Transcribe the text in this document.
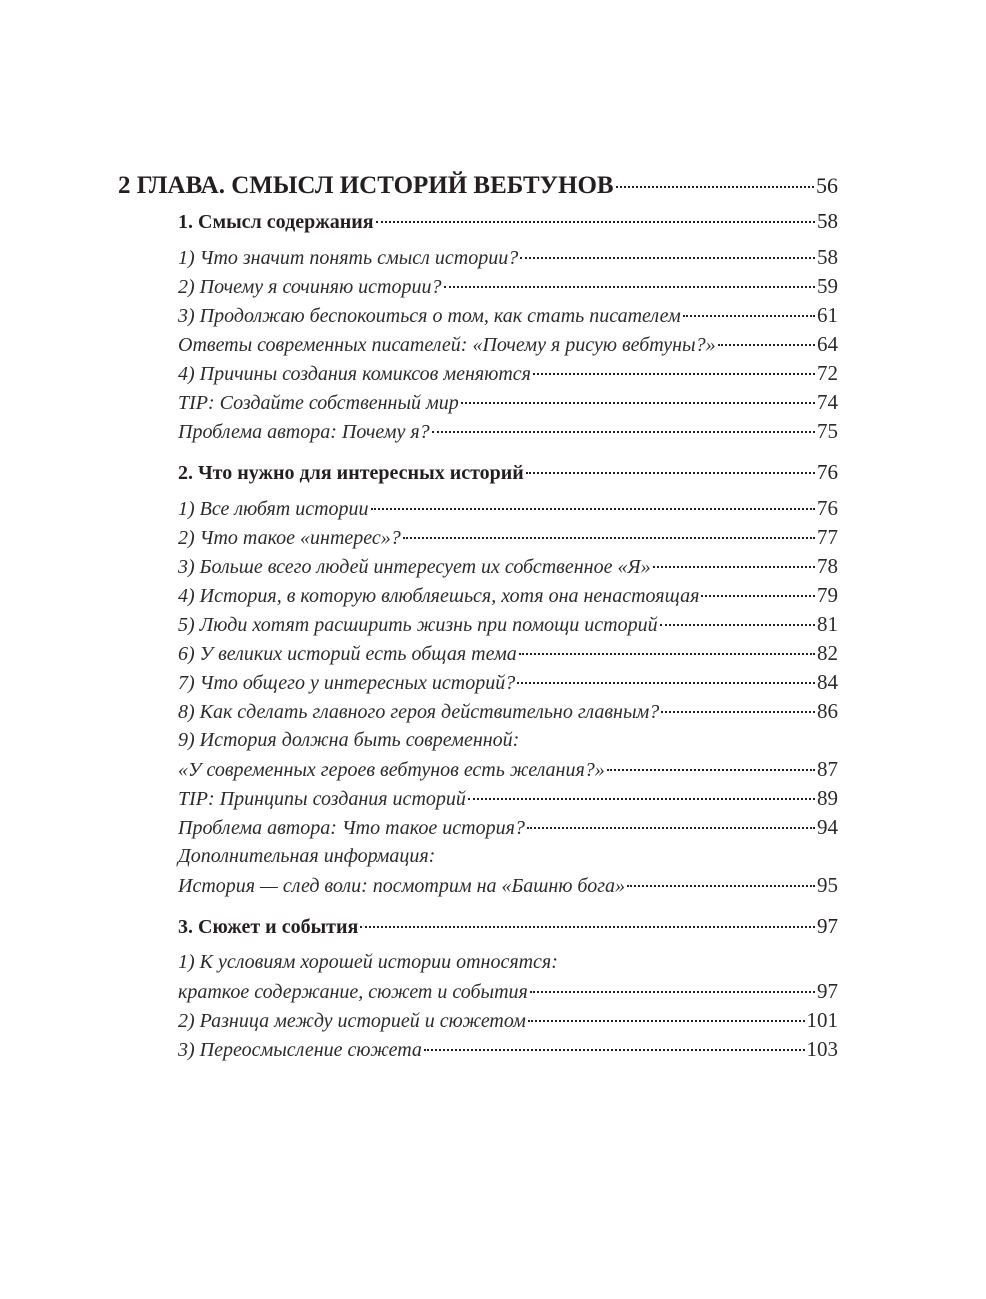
2 ГЛАВА. СМЫСЛ ИСТОРИЙ ВЕБТУНОВ	56
1. Смысл содержания	58
1) Что значит понять смысл истории?	58
2) Почему я сочиняю истории?	59
3) Продолжаю беспокоиться о том, как стать писателем	61
Ответы современных писателей: «Почему я рисую вебтуны?»	64
4) Причины создания комиксов меняются	72
TIP: Создайте собственный мир	74
Проблема автора: Почему я?	75
2. Что нужно для интересных историй	76
1) Все любят истории	76
2) Что такое «интерес»?	77
3) Больше всего людей интересует их собственное «Я»	78
4) История, в которую влюбляешься, хотя она ненастоящая	79
5) Люди хотят расширить жизнь при помощи историй	81
6) У великих историй есть общая тема	82
7) Что общего у интересных историй?	84
8) Как сделать главного героя действительно главным?	86
9) История должна быть современной:
«У современных героев вебтунов есть желания?»	87
TIP: Принципы создания историй	89
Проблема автора: Что такое история?	94
Дополнительная информация:
История — след воли: посмотрим на «Башню бога»	95
3. Сюжет и события	97
1) К условиям хорошей истории относятся:
краткое содержание, сюжет и события	97
2) Разница между историей и сюжетом	101
3) Переосмысление сюжета	103
